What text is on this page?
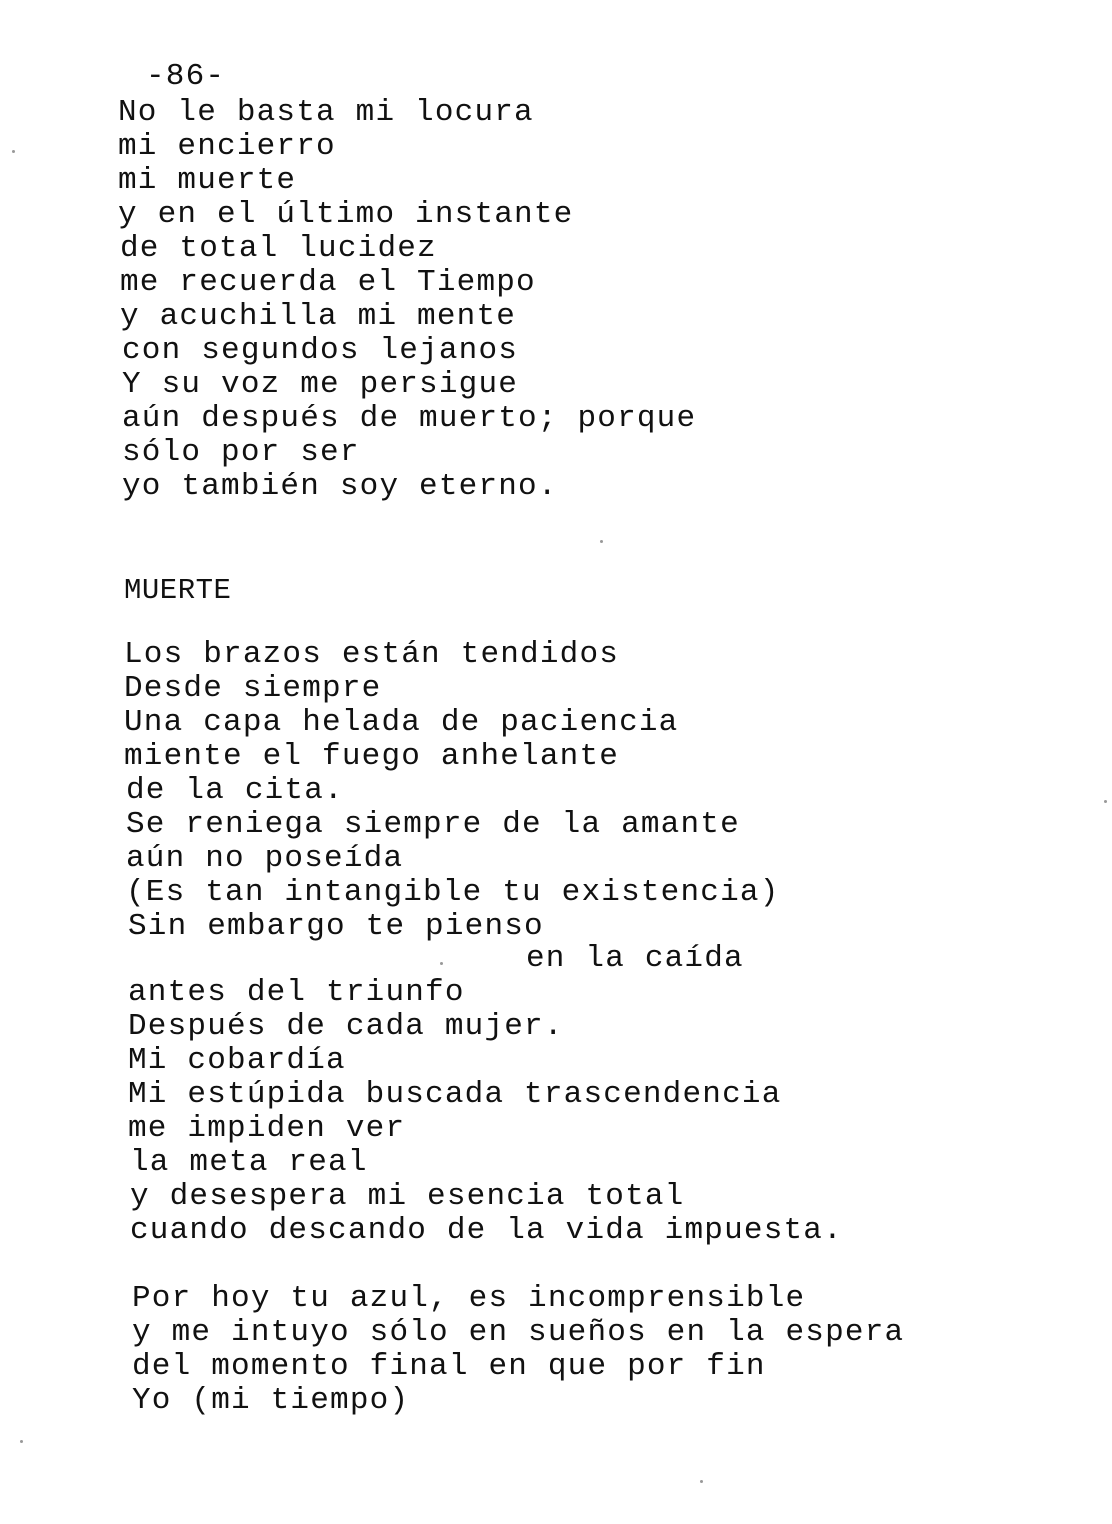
-86-
No le basta mi locura
mi encierro
mi muerte
y en el último instante
de total lucidez
me recuerda el Tiempo
y acuchilla mi mente
con segundos lejanos
Y su voz me persigue
aún después de muerto; porque
sólo por ser
yo también soy eterno.
MUERTE
Los brazos están tendidos
Desde siempre
Una capa helada de paciencia
miente el fuego anhelante
de la cita.
Se reniega siempre de la amante
aún no poseída
(Es tan intangible tu existencia)
Sin embargo te pienso
en la caída
antes del triunfo
Después de cada mujer.
Mi cobardía
Mi estúpida buscada trascendencia
me impiden ver
la meta real
y desespera mi esencia total
cuando descando de la vida impuesta.
Por hoy tu azul, es incomprensible
y me intuyo sólo en sueños en la espera
del momento final en que por fin
Yo (mi tiempo)
